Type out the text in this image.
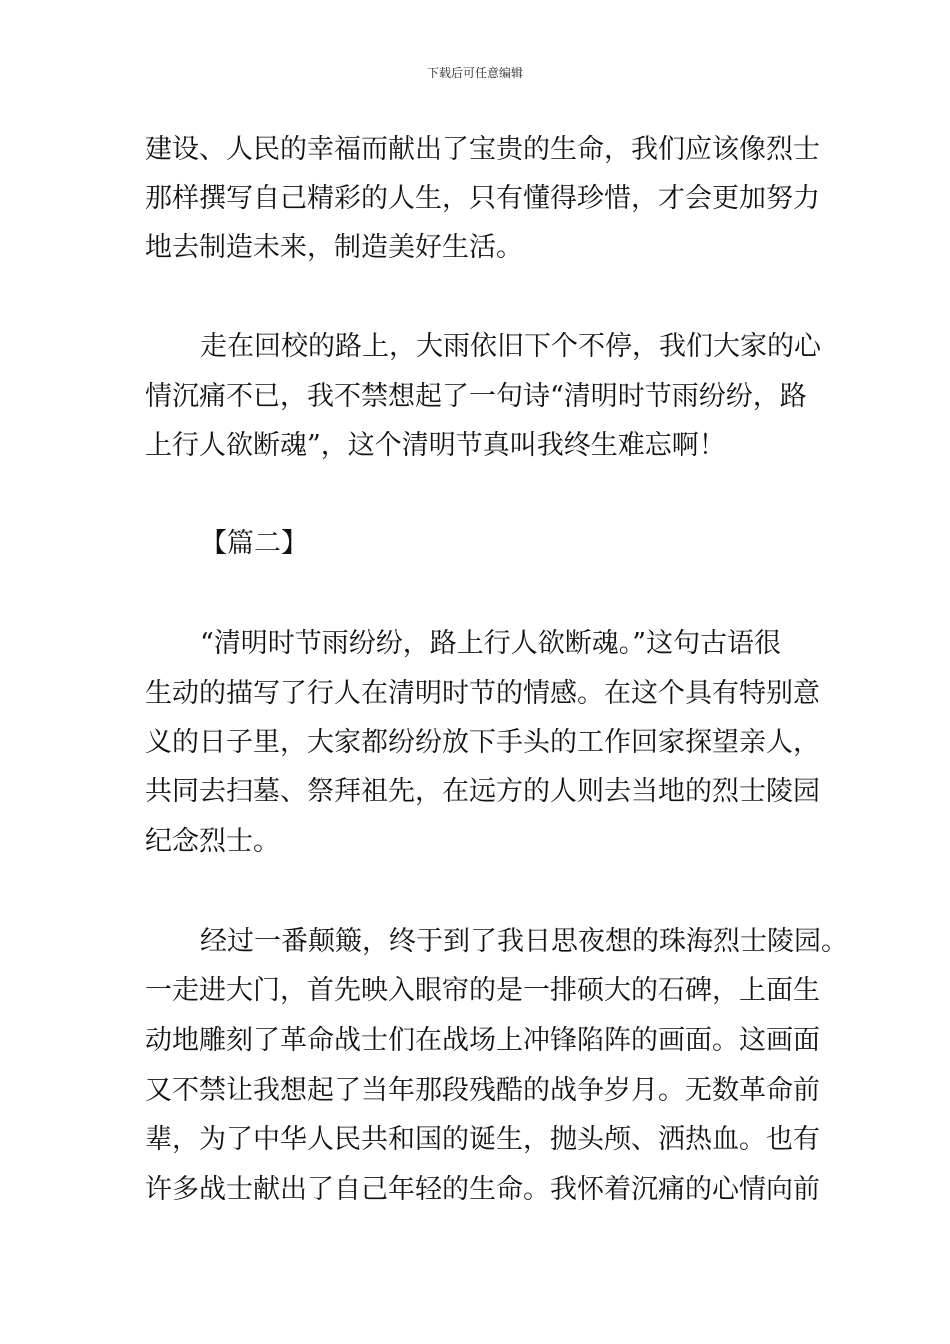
下载后可任意编辑
建设、人民的幸福而献出了宝贵的生命，我们应该像烈士
那样撰写自己精彩的人生，只有懂得珍惜，才会更加努力
地去制造未来，制造美好生活。
走在回校的路上，大雨依旧下个不停，我们大家的心
情沉痛不已，我不禁想起了一句诗“清明时节雨纷纷，路
上行人欲断魂”，这个清明节真叫我终生难忘啊！
【篇二】
“清明时节雨纷纷，路上行人欲断魂。”这句古语很
生动的描写了行人在清明时节的情感。在这个具有特别意
义的日子里，大家都纷纷放下手头的工作回家探望亲人，
共同去扫墓、祭拜祖先，在远方的人则去当地的烈士陵园
纪念烈士。
经过一番颠簸，终于到了我日思夜想的珠海烈士陵园。
一走进大门，首先映入眼帘的是一排硕大的石碑，上面生
动地雕刻了革命战士们在战场上冲锋陷阵的画面。这画面
又不禁让我想起了当年那段残酷的战争岁月。无数革命前
辈，为了中华人民共和国的诞生，抛头颅、洒热血。也有
许多战士献出了自己年轻的生命。我怀着沉痛的心情向前
